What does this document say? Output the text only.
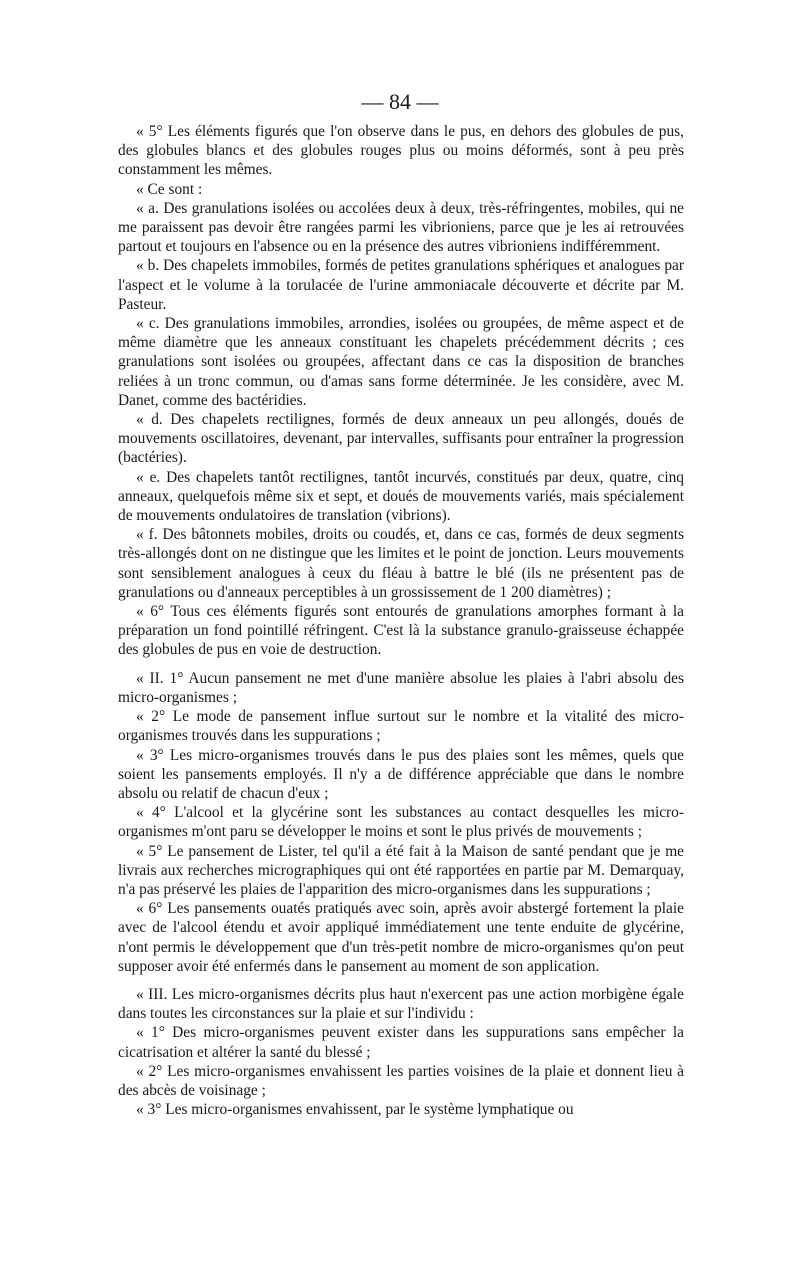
— 84 —

« 5° Les éléments figurés que l'on observe dans le pus, en dehors des globules de pus, des globules blancs et des globules rouges plus ou moins déformés, sont à peu près constamment les mêmes.

« Ce sont :

« a. Des granulations isolées ou accolées deux à deux, très-réfringentes, mobiles, qui ne me paraissent pas devoir être rangées parmi les vibrioniens, parce que je les ai retrouvées partout et toujours en l'absence ou en la présence des autres vibrioniens indifféremment.

« b. Des chapelets immobiles, formés de petites granulations sphériques et analogues par l'aspect et le volume à la torulacée de l'urine ammoniacale découverte et décrite par M. Pasteur.

« c. Des granulations immobiles, arrondies, isolées ou groupées, de même aspect et de même diamètre que les anneaux constituant les chapelets précédemment décrits ; ces granulations sont isolées ou groupées, affectant dans ce cas la disposition de branches reliées à un tronc commun, ou d'amas sans forme déterminée. Je les considère, avec M. Danet, comme des bactéridies.

« d. Des chapelets rectilignes, formés de deux anneaux un peu allongés, doués de mouvements oscillatoires, devenant, par intervalles, suffisants pour entraîner la progression (bactéries).

« e. Des chapelets tantôt rectilignes, tantôt incurvés, constitués par deux, quatre, cinq anneaux, quelquefois même six et sept, et doués de mouvements variés, mais spécialement de mouvements ondulatoires de translation (vibrions).

« f. Des bâtonnets mobiles, droits ou coudés, et, dans ce cas, formés de deux segments très-allongés dont on ne distingue que les limites et le point de jonction. Leurs mouvements sont sensiblement analogues à ceux du fléau à battre le blé (ils ne présentent pas de granulations ou d'anneaux perceptibles à un grossissement de 1 200 diamètres) ;

« 6° Tous ces éléments figurés sont entourés de granulations amorphes formant à la préparation un fond pointillé réfringent. C'est là la substance granulo-graisseuse échappée des globules de pus en voie de destruction.

« II. 1° Aucun pansement ne met d'une manière absolue les plaies à l'abri absolu des micro-organismes ;

« 2° Le mode de pansement influe surtout sur le nombre et la vitalité des micro-organismes trouvés dans les suppurations ;

« 3° Les micro-organismes trouvés dans le pus des plaies sont les mêmes, quels que soient les pansements employés. Il n'y a de différence appréciable que dans le nombre absolu ou relatif de chacun d'eux ;

« 4° L'alcool et la glycérine sont les substances au contact desquelles les micro-organismes m'ont paru se développer le moins et sont le plus privés de mouvements ;

« 5° Le pansement de Lister, tel qu'il a été fait à la Maison de santé pendant que je me livrais aux recherches micrographiques qui ont été rapportées en partie par M. Demarquay, n'a pas préservé les plaies de l'apparition des micro-organismes dans les suppurations ;

« 6° Les pansements ouatés pratiqués avec soin, après avoir abstergé fortement la plaie avec de l'alcool étendu et avoir appliqué immédiatement une tente enduite de glycérine, n'ont permis le développement que d'un très-petit nombre de micro-organismes qu'on peut supposer avoir été enfermés dans le pansement au moment de son application.

« III. Les micro-organismes décrits plus haut n'exercent pas une action morbigène égale dans toutes les circonstances sur la plaie et sur l'individu :

« 1° Des micro-organismes peuvent exister dans les suppurations sans empêcher la cicatrisation et altérer la santé du blessé ;

« 2° Les micro-organismes envahissent les parties voisines de la plaie et donnent lieu à des abcès de voisinage ;

« 3° Les micro-organismes envahissent, par le système lymphatique ou
